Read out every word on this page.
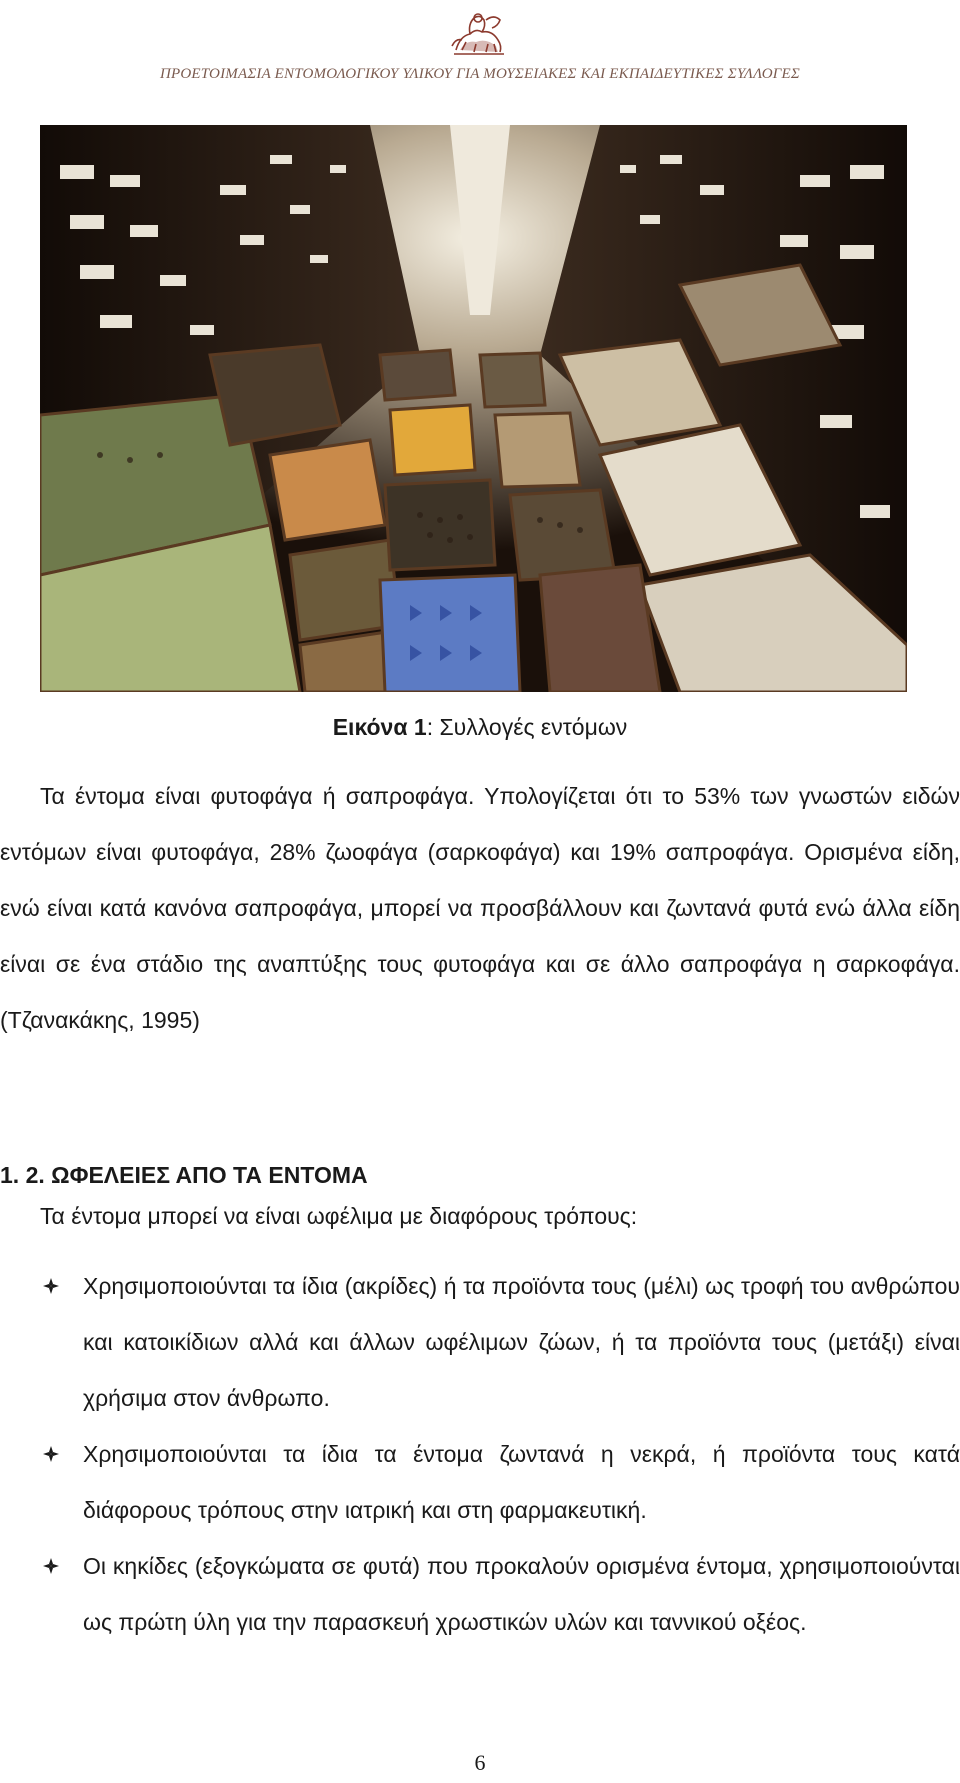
ΠΡΟΕΤΟΙΜΑΣΙΑ ΕΝΤΟΜΟΛΟΓΙΚΟΥ ΥΛΙΚΟΥ ΓΙΑ ΜΟΥΣΕΙΑΚΕΣ ΚΑΙ ΕΚΠΑΙΔΕΥΤΙΚΕΣ ΣΥΛΛΟΓΕΣ
Εικόνα 1: Συλλογές εντόμων

Τα έντομα είναι φυτοφάγα ή σαπροφάγα. Υπολογίζεται ότι το 53% των γνωστών ειδών εντόμων είναι φυτοφάγα, 28% ζωοφάγα (σαρκοφάγα) και 19% σαπροφάγα. Ορισμένα είδη, ενώ είναι κατά κανόνα σαπροφάγα, μπορεί να προσβάλλουν και ζωντανά φυτά ενώ άλλα είδη είναι σε ένα στάδιο της αναπτύξης τους φυτοφάγα και σε άλλο σαπροφάγα η σαρκοφάγα. (Τζανακάκης, 1995)

1. 2. ΩΦΕΛΕΙΕΣ ΑΠΟ ΤΑ ΕΝΤΟΜΑ
Τα έντομα μπορεί να είναι ωφέλιμα με διαφόρους τρόπους:
Χρησιμοποιούνται τα ίδια (ακρίδες) ή τα προϊόντα τους (μέλι) ως τροφή του ανθρώπου και κατοικίδιων αλλά και άλλων ωφέλιμων ζώων, ή τα προϊόντα τους (μετάξι) είναι χρήσιμα στον άνθρωπο.
Χρησιμοποιούνται τα ίδια τα έντομα ζωντανά η νεκρά, ή προϊόντα τους κατά διάφορους τρόπους στην ιατρική και στη φαρμακευτική.
Οι κηκίδες (εξογκώματα σε φυτά) που προκαλούν ορισμένα έντομα, χρησιμοποιούνται ως πρώτη ύλη για την παρασκευή χρωστικών υλών και ταννικού οξέος.
6
